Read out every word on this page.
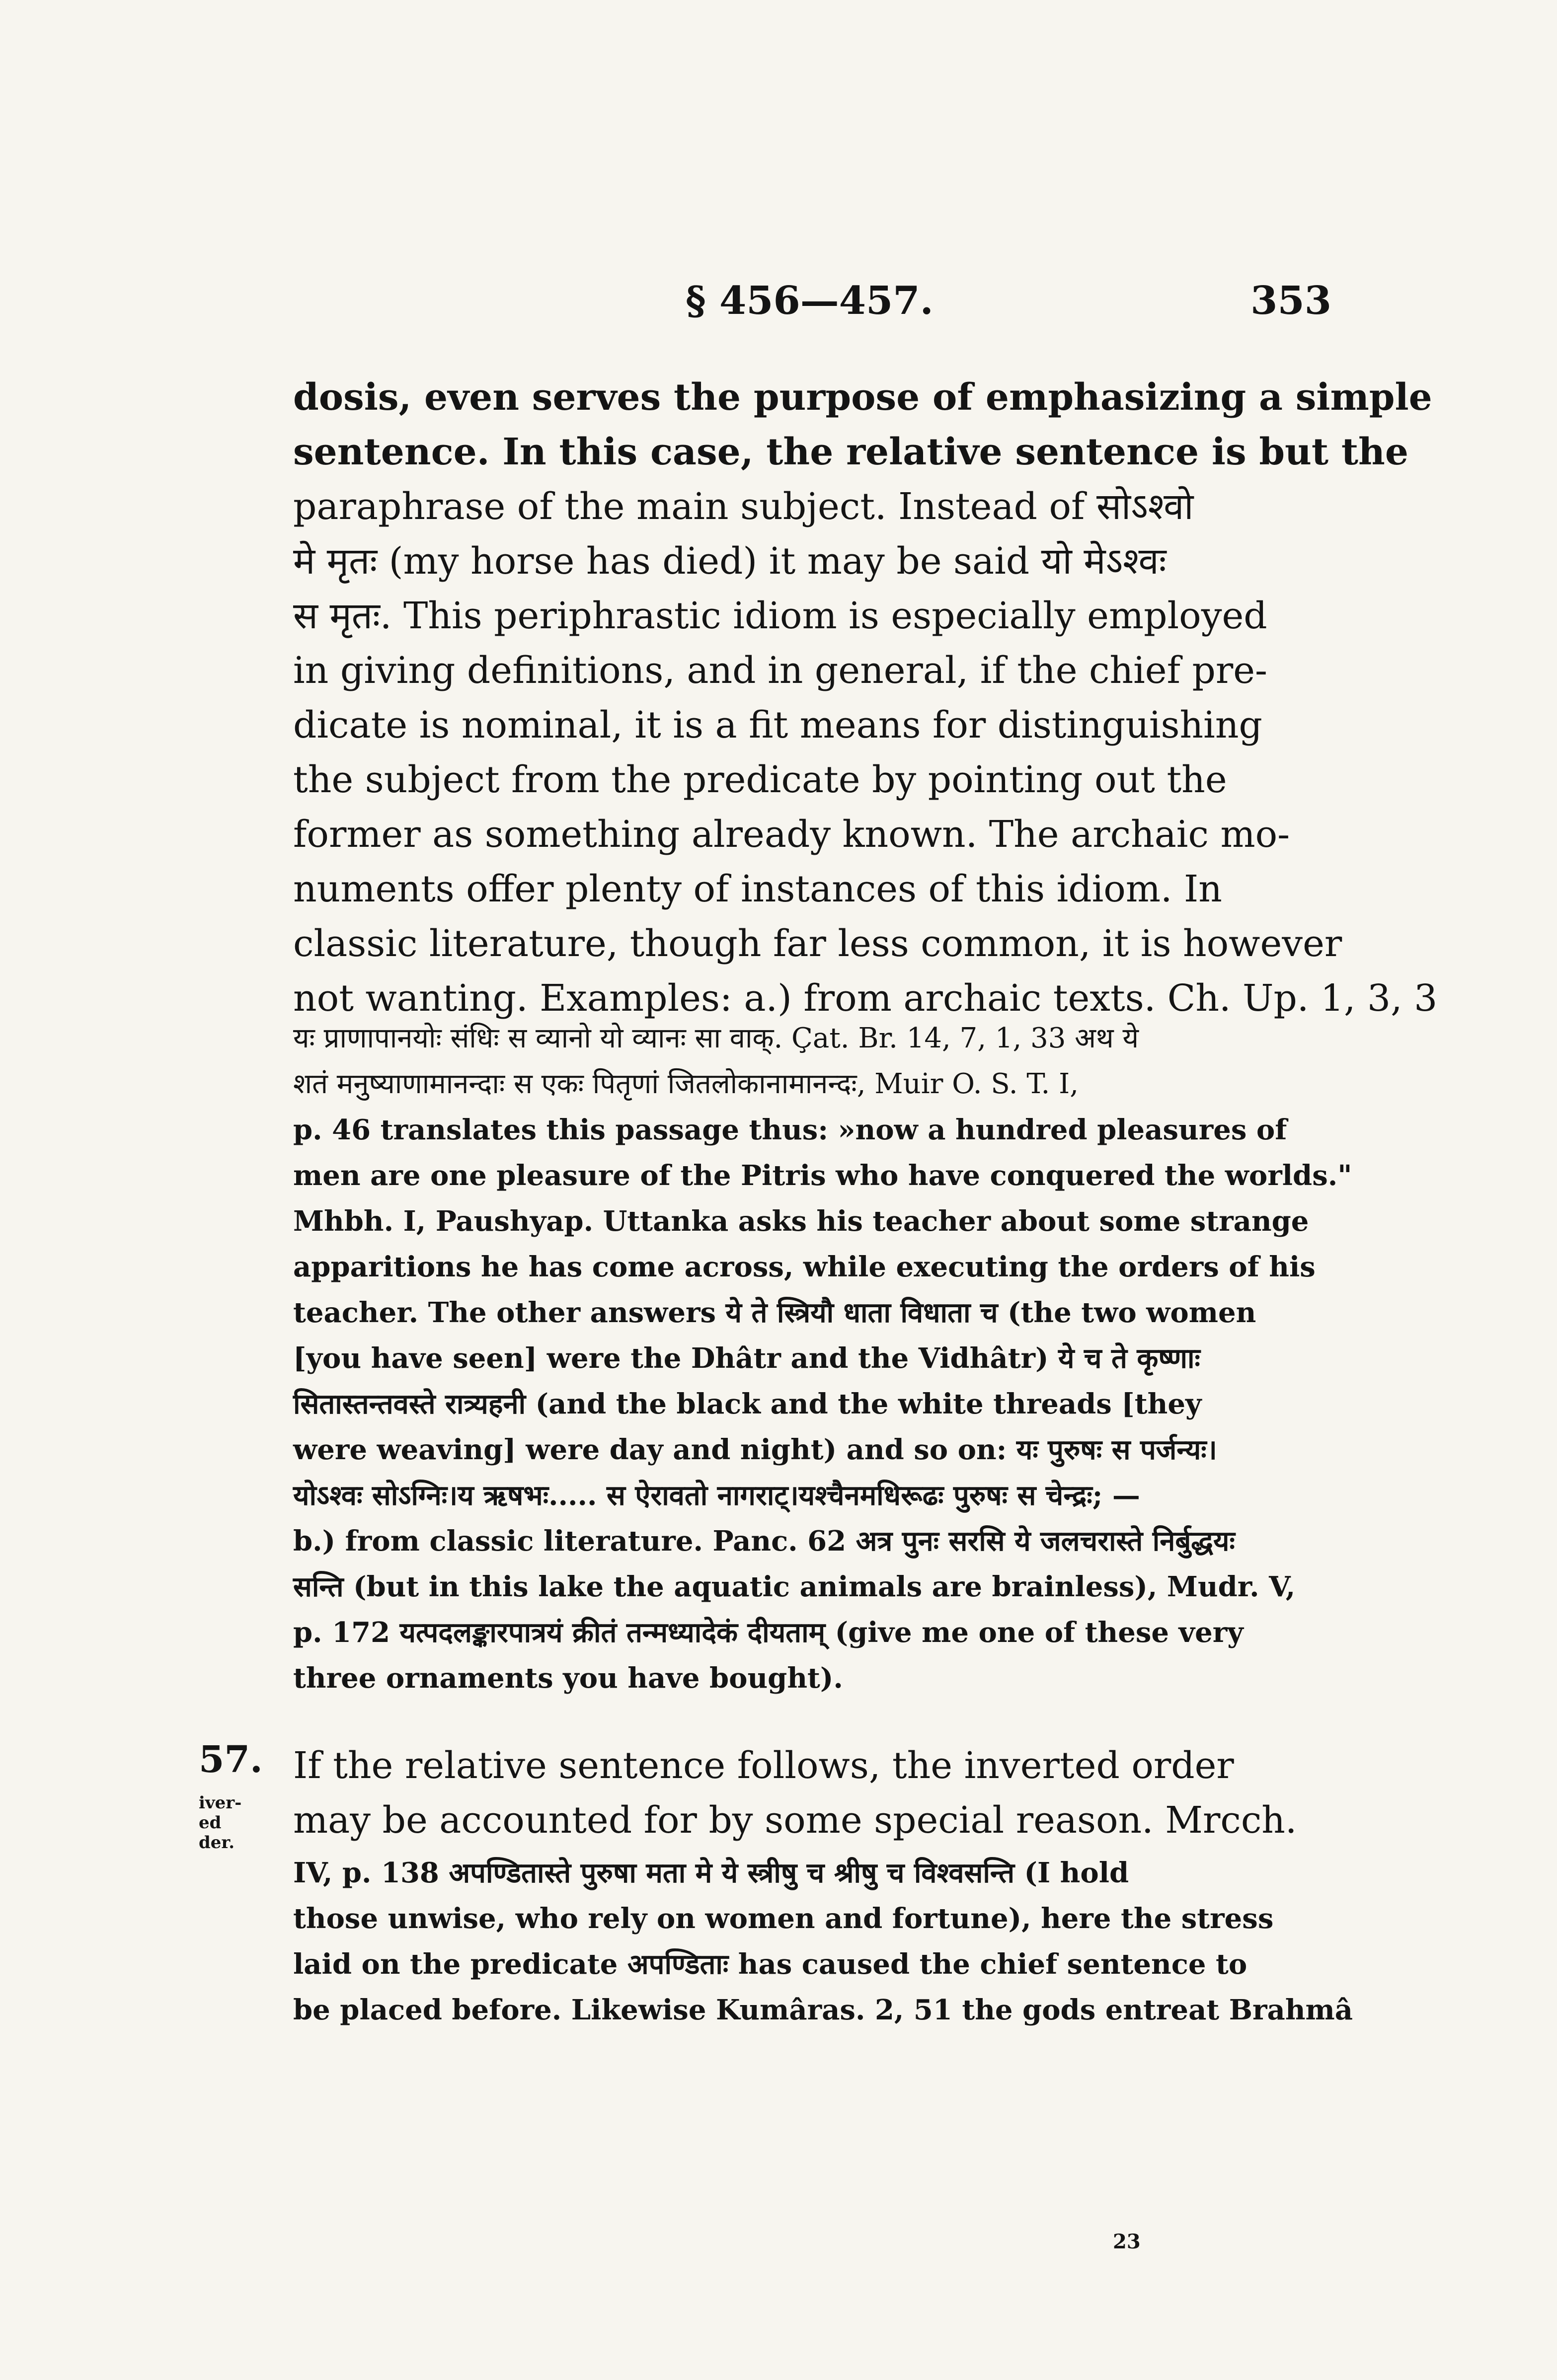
§ 456—457.	353
dosis, even serves the purpose of emphasizing a simple
sentence. In this case, the relative sentence is but the
paraphrase of the main subject. Instead of सोऽश्वो
मे मृतः (my horse has died) it may be said यो मेऽश्वः
स मृतः. This periphrastic idiom is especially employed
in giving definitions, and in general, if the chief pre-
dicate is nominal, it is a fit means for distinguishing
the subject from the predicate by pointing out the
former as something already known. The archaic mo-
numents offer plenty of instances of this idiom. In
classic literature, though far less common, it is however
not wanting. Examples: a.) from archaic texts. Ch. Up. 1, 3, 3
यः प्राणापानयोः संधिः स व्यानो यो व्यानः सा वाक्. Çat. Br. 14, 7, 1, 33 अथ ये
शतं मनुष्याणामानन्दाः स एकः पितृणां जितलोकानामानन्दः, Muir O. S. T. I,
p. 46 translates this passage thus: »now a hundred pleasures of
men are one pleasure of the Pitris who have conquered the worlds."
Mhbh. I, Paushyap. Uttanka asks his teacher about some strange
apparitions he has come across, while executing the orders of his
teacher. The other answers ये ते स्त्रियौ धाता विधाता च (the two women
[you have seen] were the Dhâtr and the Vidhâtr) ये च ते कृष्णाः
सितास्तन्तवस्ते रात्र्यहनी (and the black and the white threads [they
were weaving] were day and night) and so on: यः पुरुषः स पर्जन्यः।
योऽश्वः सोऽग्निः।य ऋषभः..... स ऐरावतो नागराट्।यश्चैनमधिरूढः पुरुषः स चेन्द्रः; —
b.) from classic literature. Panc. 62 अत्र पुनः सरसि ये जलचरास्ते निर्बुद्धयः
सन्ति (but in this lake the aquatic animals are brainless), Mudr. V,
p. 172 यत्पदलङ्कारपात्रयं क्रीतं तन्मध्यादेकं दीयताम् (give me one of these very
three ornaments you have bought).
57.
iver-
ed
der.
If the relative sentence follows, the inverted order
may be accounted for by some special reason. Mrcch.
IV, p. 138 अपण्डितास्ते पुरुषा मता मे ये स्त्रीषु च श्रीषु च विश्वसन्ति (I hold
those unwise, who rely on women and fortune), here the stress
laid on the predicate अपण्डिताः has caused the chief sentence to
be placed before. Likewise Kumâras. 2, 51 the gods entreat Brahmâ
23
